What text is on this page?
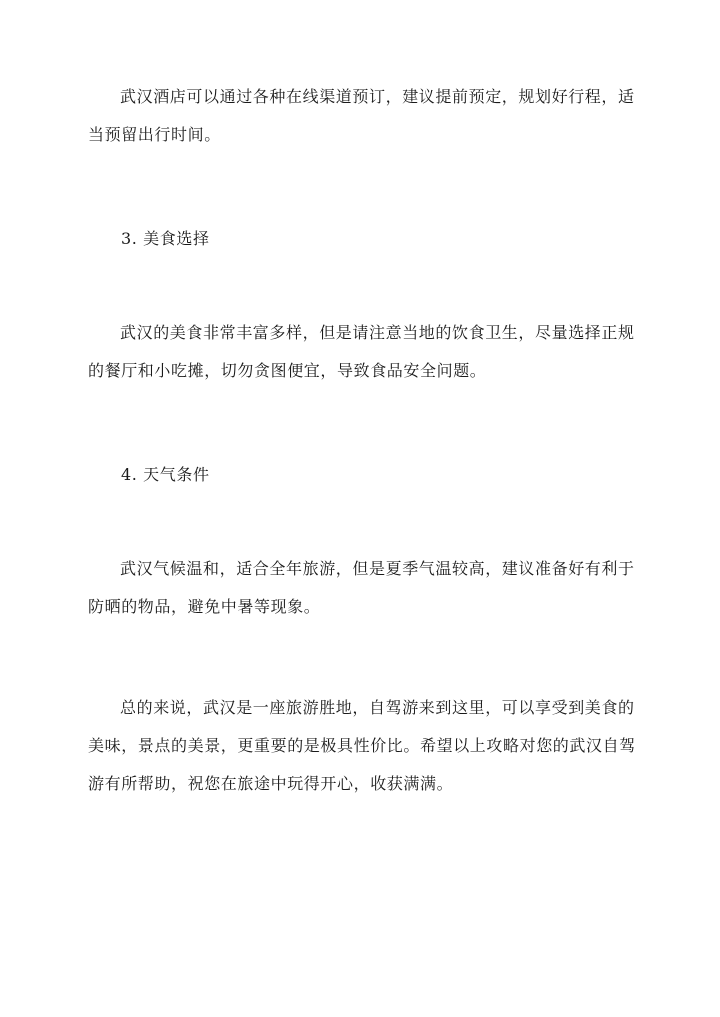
武汉酒店可以通过各种在线渠道预订，建议提前预定，规划好行程，适当预留出行时间。

3. 美食选择

武汉的美食非常丰富多样，但是请注意当地的饮食卫生，尽量选择正规的餐厅和小吃摊，切勿贪图便宜，导致食品安全问题。

4. 天气条件

武汉气候温和，适合全年旅游，但是夏季气温较高，建议准备好有利于防晒的物品，避免中暑等现象。

总的来说，武汉是一座旅游胜地，自驾游来到这里，可以享受到美食的美味，景点的美景，更重要的是极具性价比。希望以上攻略对您的武汉自驾游有所帮助，祝您在旅途中玩得开心，收获满满。
